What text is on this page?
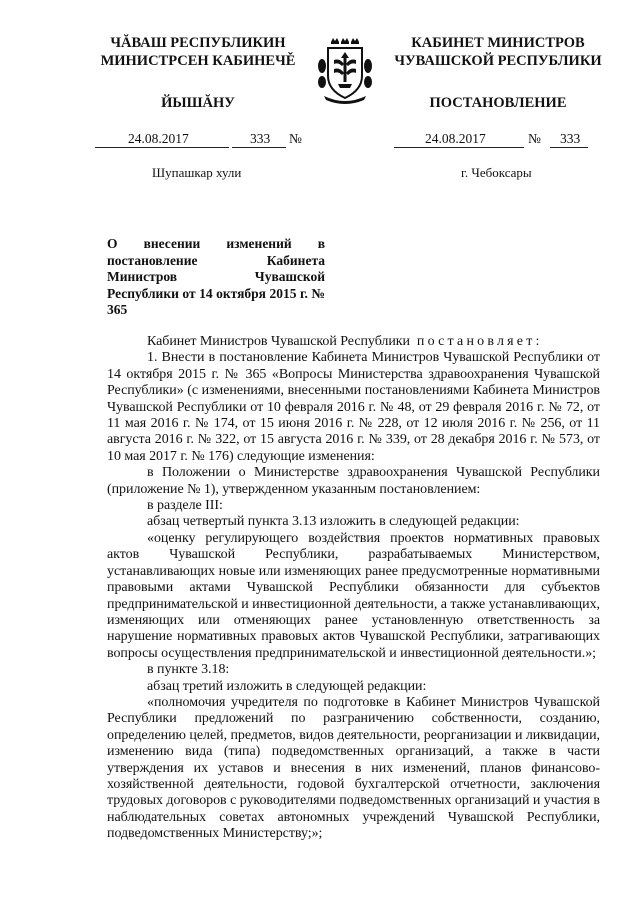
ЧĂВАШ РЕСПУБЛИКИН
МИНИСТРСЕН КАБИНЕЧĚ
ЙЫШĂНУ
КАБИНЕТ МИНИСТРОВ
ЧУВАШСКОЙ РЕСПУБЛИКИ
ПОСТАНОВЛЕНИЕ
24.08.2017	333 №	24.08.2017	№ 333
Шупашкар хули	г. Чебоксары
О внесении изменений в постановление Кабинета Министров Чувашской Республики от 14 октября 2015 г. № 365

Кабинет Министров Чувашской Республики постановляет:

1. Внести в постановление Кабинета Министров Чувашской Республики от 14 октября 2015 г. № 365 «Вопросы Министерства здравоохранения Чувашской Республики» (с изменениями, внесенными постановлениями Кабинета Министров Чувашской Республики от 10 февраля 2016 г. № 48, от 29 февраля 2016 г. № 72, от 11 мая 2016 г. № 174, от 15 июня 2016 г. № 228, от 12 июля 2016 г. № 256, от 11 августа 2016 г. № 322, от 15 августа 2016 г. № 339, от 28 декабря 2016 г. № 573, от 10 мая 2017 г. № 176) следующие изменения:

в Положении о Министерстве здравоохранения Чувашской Республики (приложение № 1), утвержденном указанным постановлением:

в разделе III:

абзац четвертый пункта 3.13 изложить в следующей редакции:

«оценку регулирующего воздействия проектов нормативных правовых актов Чувашской Республики, разрабатываемых Министерством, устанавливающих новые или изменяющих ранее предусмотренные нормативными правовыми актами Чувашской Республики обязанности для субъектов предпринимательской и инвестиционной деятельности, а также устанавливающих, изменяющих или отменяющих ранее установленную ответственность за нарушение нормативных правовых актов Чувашской Республики, затрагивающих вопросы осуществления предпринимательской и инвестиционной деятельности.»;

в пункте 3.18:

абзац третий изложить в следующей редакции:

«полномочия учредителя по подготовке в Кабинет Министров Чувашской Республики предложений по разграничению собственности, созданию, определению целей, предметов, видов деятельности, реорганизации и ликвидации, изменению вида (типа) подведомственных организаций, а также в части утверждения их уставов и внесения в них изменений, планов финансово-хозяйственной деятельности, годовой бухгалтерской отчетности, заключения трудовых договоров с руководителями подведомственных организаций и участия в наблюдательных советах автономных учреждений Чувашской Республики, подведомственных Министерству;»;
